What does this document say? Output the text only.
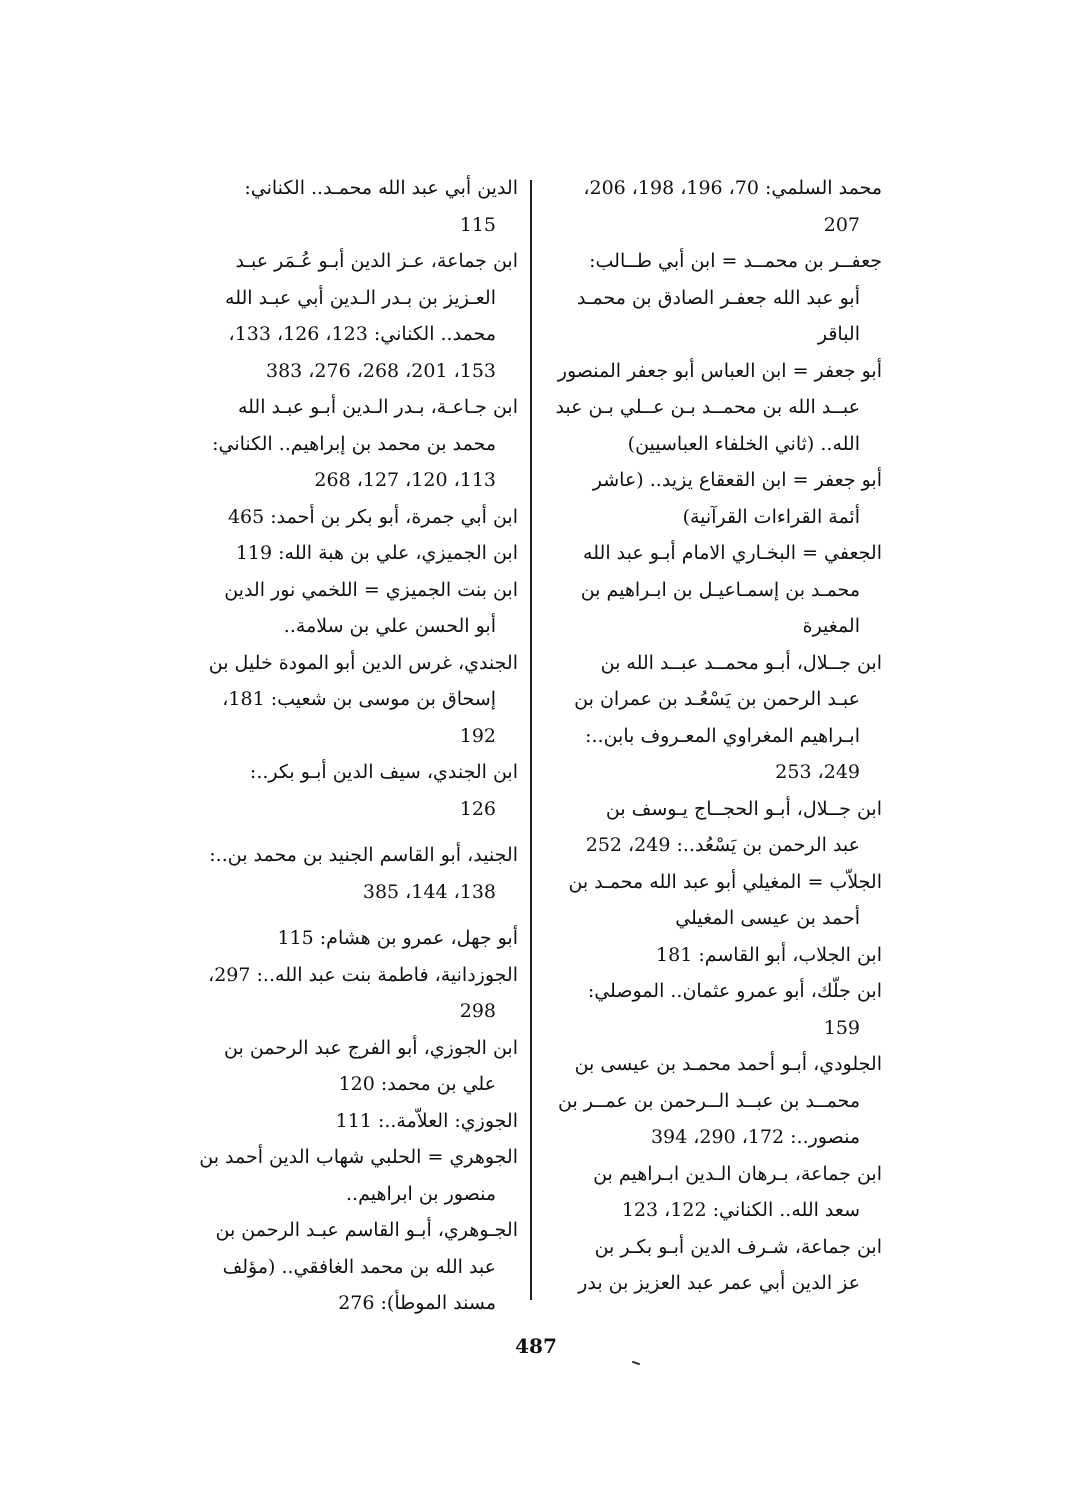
محمد السلمي: 70، 196، 198، 206،
207

جعفــر بن محمــد = ابن أبي طــالب:
أبو عبد الله جعفـر الصادق بن محمـد الباقر

أبو جعفر = ابن العباس أبو جعفر المنصور
عبــد الله بن محمــد بـن عــلي بـن عبد الله.. (ثاني الخلفاء العباسيين)

أبو جعفر = ابن القعقاع يزيد.. (عاشر
أئمة القراءات القرآنية)

الجعفي = البخـاري الامام أبـو عبد الله
محمـد بن إسمـاعيـل بن ابـراهيم بن المغيرة

ابن جــلال، أبـو محمــد عبــد الله بن
عبـد الرحمن بن يَسْعُـد بن عمران بن ابـراهيم المغراوي المعـروف بابن..: 249، 253

ابن جــلال، أبـو الحجــاج يـوسف بن
عبد الرحمن بن يَسْعُد..: 249، 252

الجلاّب = المغيلي أبو عبد الله محمـد بن
أحمد بن عيسى المغيلي

ابن الجلاب، أبو القاسم: 181

ابن جلّك، أبو عمرو عثمان.. الموصلي:
159

الجلودي، أبـو أحمد محمـد بن عيسى بن
محمــد بن عبــد الــرحمن بن عمــر بن منصور..: 172، 290، 394

ابن جماعة، بـرهان الـدين ابـراهيم بن
سعد الله.. الكناني: 122، 123

ابن جماعة، شـرف الدين أبـو بكـر بن
عز الدين أبي عمر عبد العزيز بن بدر

الدين أبي عبد الله محمـد.. الكناني:
115

ابن جماعة، عـز الدين أبـو عُـمَر عبـد
العـزيز بن بـدر الـدين أبي عبـد الله محمد.. الكناني: 123، 126، 133، 153، 201، 268، 276، 383

ابن جـاعـة، بـدر الـدين أبـو عبـد الله
محمد بن محمد بن إبراهيم.. الكناني: 113، 120، 127، 268

ابن أبي جمرة، أبو بكر بن أحمد: 465

ابن الجميزي، علي بن هبة الله: 119

ابن بنت الجميزي = اللخمي نور الدين
أبو الحسن علي بن سلامة..

الجندي، غرس الدين أبو المودة خليل بن
إسحاق بن موسى بن شعيب: 181، 192

ابن الجندي، سيف الدين أبـو بكر..:
126

الجنيد، أبو القاسم الجنيد بن محمد بن..:
138، 144، 385

أبو جهل، عمرو بن هشام: 115

الجوزدانية، فاطمة بنت عبد الله..: 297،
298

ابن الجوزي، أبو الفرج عبد الرحمن بن
علي بن محمد: 120

الجوزي: العلاّمة..: 111

الجوهري = الحلبي شهاب الدين أحمد بن
منصور بن ابراهيم..

الجـوهري، أبـو القاسم عبـد الرحمن بن
عبد الله بن محمد الغافقي.. (مؤلف مسند الموطأ): 276

487
